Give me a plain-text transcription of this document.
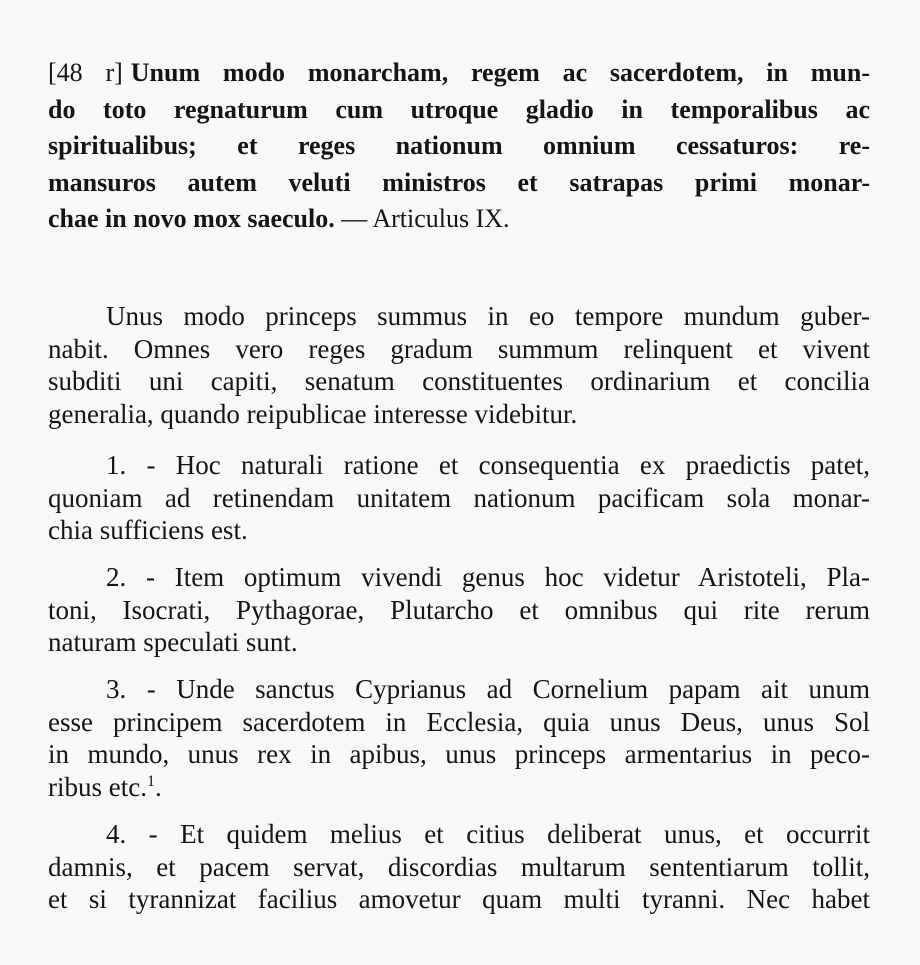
[48 r] Unum modo monarcham, regem ac sacerdotem, in mun-
do toto regnaturum cum utroque gladio in temporalibus ac
spiritualibus; et reges nationum omnium cessaturos: re-
mansuros autem veluti ministros et satrapas primi monar-
chae in novo mox saeculo. — Articulus IX.
Unus modo princeps summus in eo tempore mundum guber-
nabit. Omnes vero reges gradum summum relinquent et vivent
subditi uni capiti, senatum constituentes ordinarium et concilia
generalia, quando reipublicae interesse videbitur.
1. - Hoc naturali ratione et consequentia ex praedictis patet,
quoniam ad retinendam unitatem nationum pacificam sola monar-
chia sufficiens est.
2. - Item optimum vivendi genus hoc videtur Aristoteli, Pla-
toni, Isocrati, Pythagorae, Plutarcho et omnibus qui rite rerum
naturam speculati sunt.
3. - Unde sanctus Cyprianus ad Cornelium papam ait unum
esse principem sacerdotem in Ecclesia, quia unus Deus, unus Sol
in mundo, unus rex in apibus, unus princeps armentarius in peco-
ribus etc.$^1$.
4. - Et quidem melius et citius deliberat unus, et occurrit
damnis, et pacem servat, discordias multarum sententiarum tollit,
et si tyrannizat facilius amovetur quam multi tyranni. Nec habet
